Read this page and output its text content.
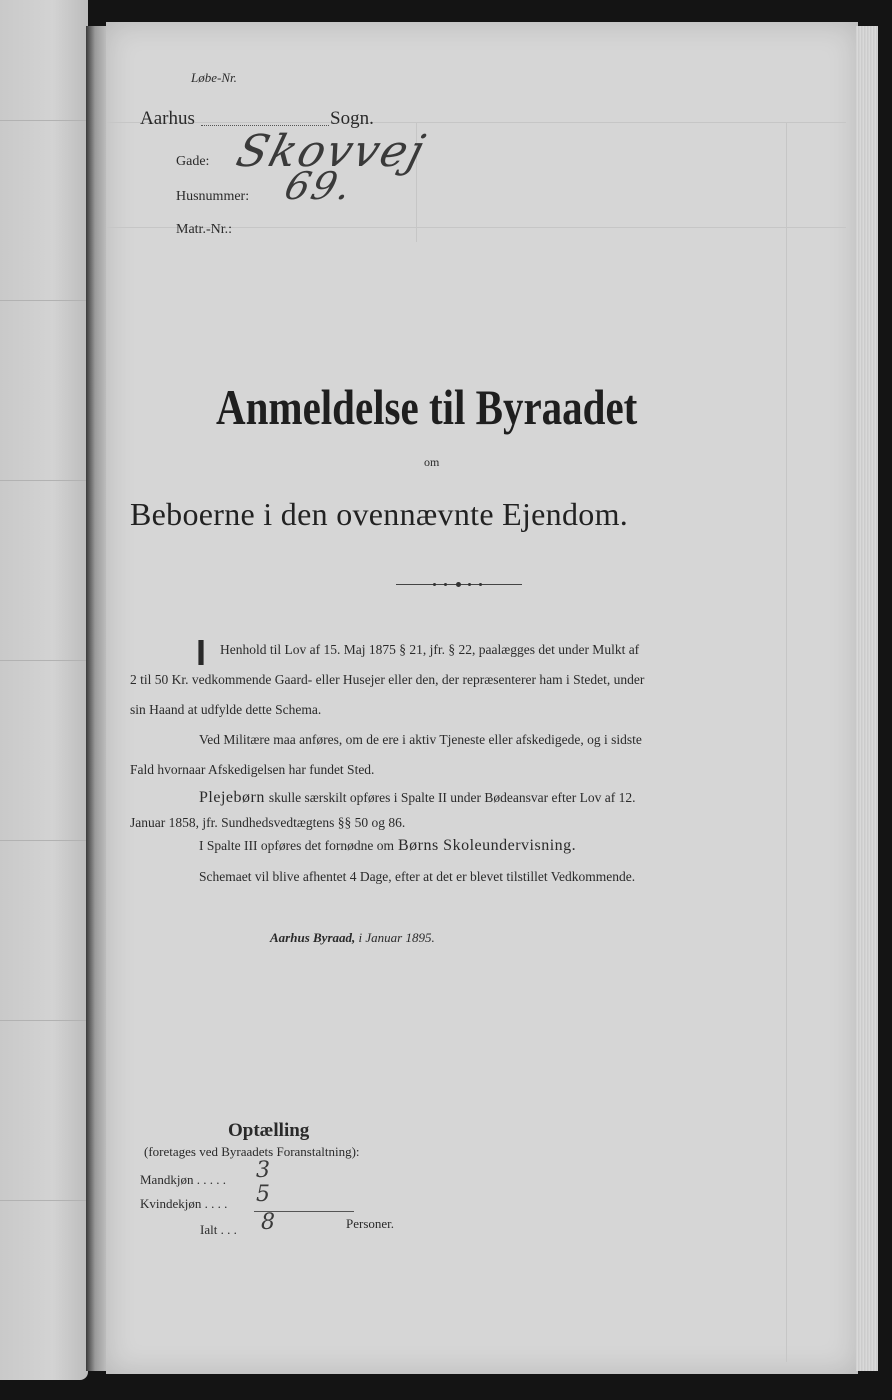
Løbe-Nr.
Aarhus	Sogn.
Gade: Skovvej
Husnummer: 69.
Matr.-Nr.:
Anmeldelse til Byraadet
om
Beboerne i den ovennævnte Ejendom.
I Henhold til Lov af 15. Maj 1875 § 21, jfr. § 22, paalægges det under Mulkt af
2 til 50 Kr. vedkommende Gaard- eller Husejer eller den, der repræsenterer ham i Stedet, under
sin Haand at udfylde dette Schema.
Ved Militære maa anføres, om de ere i aktiv Tjeneste eller afskedigede, og i sidste
Fald hvornaar Afskedigelsen har fundet Sted.
Plejebørn skulle særskilt opføres i Spalte II under Bødeansvar efter Lov af 12.
Januar 1858, jfr. Sundhedsvedtægtens §§ 50 og 86.
I Spalte III opføres det fornødne om Børns Skoleundervisning.
Schemaet vil blive afhentet 4 Dage, efter at det er blevet tilstillet Vedkommende.
Aarhus Byraad, i Januar 1895.
Optælling
(foretages ved Byraadets Foranstaltning):
Mandkjøn . . . . . 3
Kvindekjøn . . . . 5
Ialt . . . 8	Personer.
